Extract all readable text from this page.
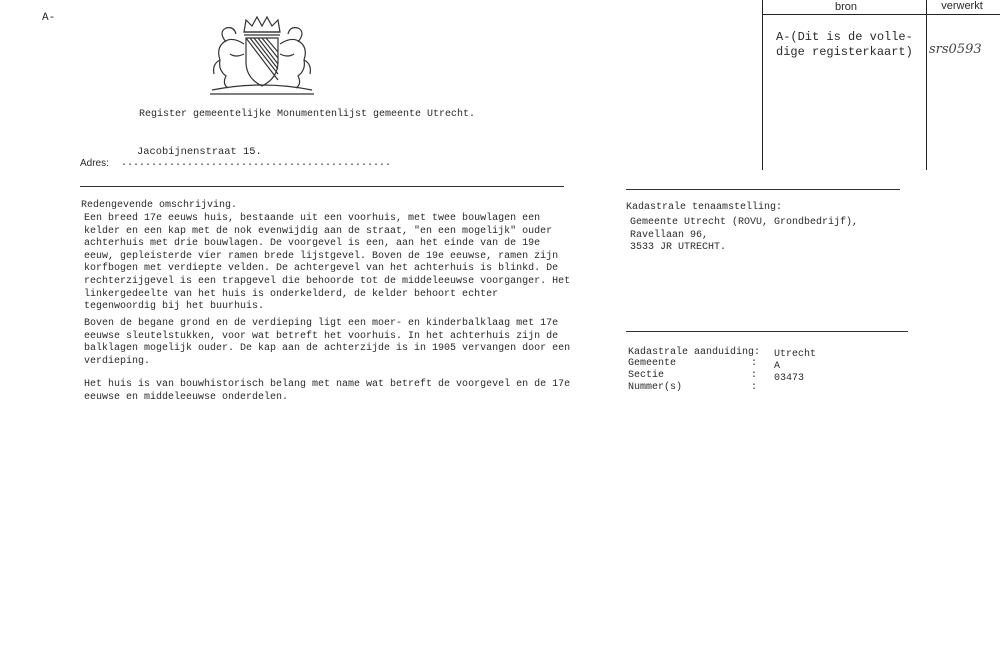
A-
Register gemeentelijke Monumentenlijst gemeente Utrecht.
Jacobijnenstraat 15.
Adres: .............................................
Redengevende omschrijving.
Een breed 17e eeuws huis, bestaande uit een voorhuis, met twee bouwlagen een
kelder en een kap met de nok evenwijdig aan de straat, "en een mogelijk" ouder
achterhuis met drie bouwlagen. De voorgevel is een, aan het einde van de 19e
eeuw, gepleisterde vier ramen brede lijstgevel. Boven de 19e eeuwse, ramen zijn
korfbogen met verdiepte velden. De achtergevel van het achterhuis is blinkd. De
rechterzijgevel is een trapgevel die behoorde tot de middeleeuwse voorganger. Het
linkergedeelte van het huis is onderkelderd, de kelder behoort echter
tegenwoordig bij het buurhuis.
Boven de begane grond en de verdieping ligt een moer- en kinderbalklaag met 17e
eeuwse sleutelstukken, voor wat betreft het voorhuis. In het achterhuis zijn de
balklagen mogelijk ouder. De kap aan de achterzijde is in 1905 vervangen door een
verdieping.
Het huis is van bouwhistorisch belang met name wat betreft de voorgevel en de 17e
eeuwse en middeleeuwse onderdelen.
Kadastrale tenaamstelling:
Gemeente Utrecht (ROVU, Grondbedrijf),
Ravellaan 96,
3533 JR UTRECHT.
Kadastrale aanduiding:
Gemeente
Sectie
Nummer(s)
:
:
:
Utrecht
A
03473
bron	verwerkt
A-(Dit is de volle-
dige registerkaart) srs0593
